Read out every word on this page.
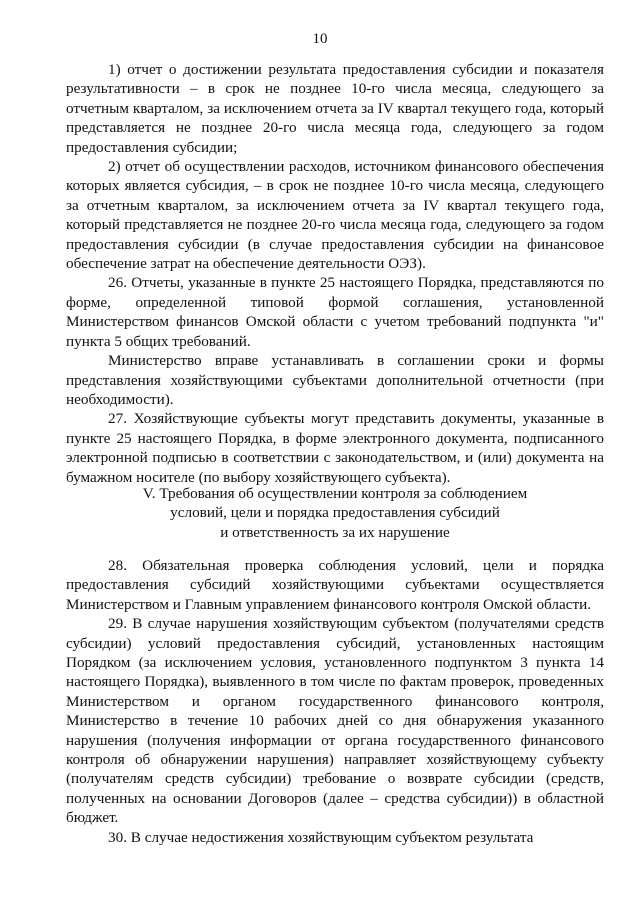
10

1) отчет о достижении результата предоставления субсидии и показателя результативности – в срок не позднее 10-го числа месяца, следующего за отчетным кварталом, за исключением отчета за IV квартал текущего года, который представляется не позднее 20-го числа месяца года, следующего за годом предоставления субсидии;

2) отчет об осуществлении расходов, источником финансового обеспечения которых является субсидия, – в срок не позднее 10-го числа месяца, следующего за отчетным кварталом, за исключением отчета за IV квартал текущего года, который представляется не позднее 20-го числа месяца года, следующего за годом предоставления субсидии (в случае предоставления субсидии на финансовое обеспечение затрат на обеспечение деятельности ОЭЗ).

26. Отчеты, указанные в пункте 25 настоящего Порядка, представляются по форме, определенной типовой формой соглашения, установленной Министерством финансов Омской области с учетом требований подпункта "и" пункта 5 общих требований.

Министерство вправе устанавливать в соглашении сроки и формы представления хозяйствующими субъектами дополнительной отчетности (при необходимости).

27. Хозяйствующие субъекты могут представить документы, указанные в пункте 25 настоящего Порядка, в форме электронного документа, подписанного электронной подписью в соответствии с законодательством, и (или) документа на бумажном носителе (по выбору хозяйствующего субъекта).

V. Требования об осуществлении контроля за соблюдением
условий, цели и порядка предоставления субсидий
и ответственность за их нарушение

28. Обязательная проверка соблюдения условий, цели и порядка предоставления субсидий хозяйствующими субъектами осуществляется Министерством и Главным управлением финансового контроля Омской области.

29. В случае нарушения хозяйствующим субъектом (получателями средств субсидии) условий предоставления субсидий, установленных настоящим Порядком (за исключением условия, установленного подпунктом 3 пункта 14 настоящего Порядка), выявленного в том числе по фактам проверок, проведенных Министерством и органом государственного финансового контроля, Министерство в течение 10 рабочих дней со дня обнаружения указанного нарушения (получения информации от органа государственного финансового контроля об обнаружении нарушения) направляет хозяйствующему субъекту (получателям средств субсидии) требование о возврате субсидии (средств, полученных на основании Договоров (далее – средства субсидии)) в областной бюджет.

30. В случае недостижения хозяйствующим субъектом результата
